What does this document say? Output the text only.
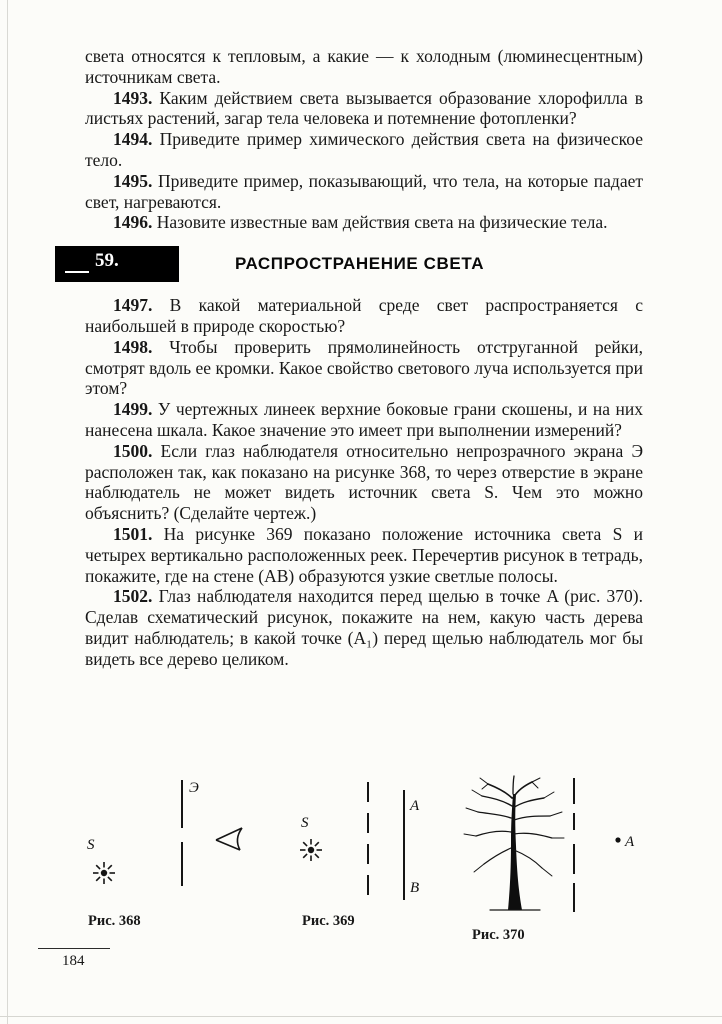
света относятся к тепловым, а какие — к холодным (люминесцентным) источникам света.

1493. Каким действием света вызывается образование хлорофилла в листьях растений, загар тела человека и потемнение фотопленки?

1494. Приведите пример химического действия света на физическое тело.

1495. Приведите пример, показывающий, что тела, на которые падает свет, нагреваются.

1496. Назовите известные вам действия света на физические тела.

59.	РАСПРОСТРАНЕНИЕ СВЕТА

1497. В какой материальной среде свет распространяется с наибольшей в природе скоростью?

1498. Чтобы проверить прямолинейность отструганной рейки, смотрят вдоль ее кромки. Какое свойство светового луча используется при этом?

1499. У чертежных линеек верхние боковые грани скошены, и на них нанесена шкала. Какое значение это имеет при выполнении измерений?

1500. Если глаз наблюдателя относительно непрозрачного экрана Э расположен так, как показано на рисунке 368, то через отверстие в экране наблюдатель не может видеть источник света S. Чем это можно объяснить? (Сделайте чертеж.)

1501. На рисунке 369 показано положение источника света S и четырех вертикально расположенных реек. Перечертив рисунок в тетрадь, покажите, где на стене (AB) образуются узкие светлые полосы.

1502. Глаз наблюдателя находится перед щелью в точке A (рис. 370). Сделав схематический рисунок, покажите на нем, какую часть дерева видит наблюдатель; в какой точке (A₁) перед щелью наблюдатель мог бы видеть все дерево целиком.

Э
S
Рис. 368
S
A
B
Рис. 369
A
Рис. 370
184
